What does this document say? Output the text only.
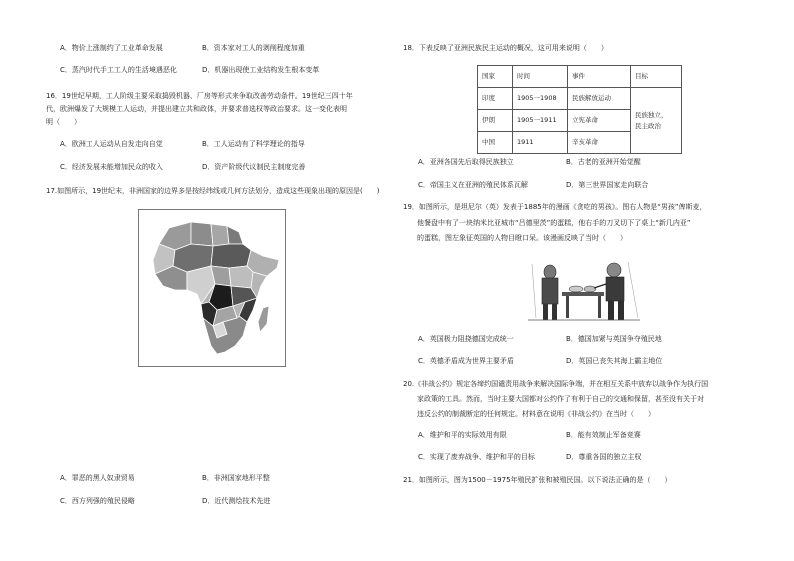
A．物价上涨制约了工业革命发展	B．资本家对工人的剥削程度加重
C．蒸汽时代手工工人的生活境遇恶化	D．机器出现使工业结构发生根本变革
16．19世纪早期，工人阶级主要采取捣毁机器、厂房等形式来争取改善劳动条件。19世纪三四十年
代，欧洲爆发了大规模工人运动，并提出建立共和政体，并要求普选权等政治要求。这一变化表明
明（　　）
A．欧洲工人运动从自发走向自觉	B．工人运动有了科学理论的指导
C．经济发展未能增加民众的收入	D．资产阶级代议制民主制度完善
17.如图所示，19世纪末，非洲国家的边界多是按经纬线或几何方法划分，造成这些现象出现的原因是(　　)
A．罪恶的黑人奴隶贸易	B．非洲国家地形平整
C．西方列强的殖民侵略	D．近代测绘技术先进
18．下表反映了亚洲民族民主运动的概况，这可用来说明（　　）
国家	时间	事件	目标
印度	1905一1908	民族解放运动	民族独立，
民主政治
伊朗	1905一1911	立宪革命	
中国	1911	辛亥革命	
A．亚洲各国先后取得民族独立	B．古老的亚洲开始觉醒
C．帝国主义在亚洲的殖民体系瓦解	D．第三世界国家走向联合
19．如图所示，是坦尼尔（英）发表于1885年的漫画《贪吃的男孩》。图右人物是“男孩”俾斯麦，
他餐盘中有了一块纳米比亚城市“吕德里茨”的蛋糕，他右手的刀叉切下了桌上“新几内亚”
的蛋糕，图左象征英国的人物目瞪口呆。该漫画反映了当时（　　）
A．英国极力阻挠德国完成统一	B．德国加紧与英国争夺殖民地
C．英德矛盾成为世界主要矛盾	D．英国已丧失其海上霸主地位
20.《非战公约》规定各缔约国谴责用战争来解决国际争端，并在相互关系中放弃以战争作为执行国
家政策的工具。然而，当时主要大国都对公约作了有利于自己的交通和保留，甚至没有关于对
违反公约的制裁断定的任何规定。材料意在说明《非战公约》在当时（　　）
A．维护和平的实际效用有限	B．能有效制止军备竞赛
C．实现了废弃战争、维护和平的目标	D．尊重各国的独立主权
21．如图所示，图为1500－1975年殖民扩张和被殖民国。以下说法正确的是（　　）
